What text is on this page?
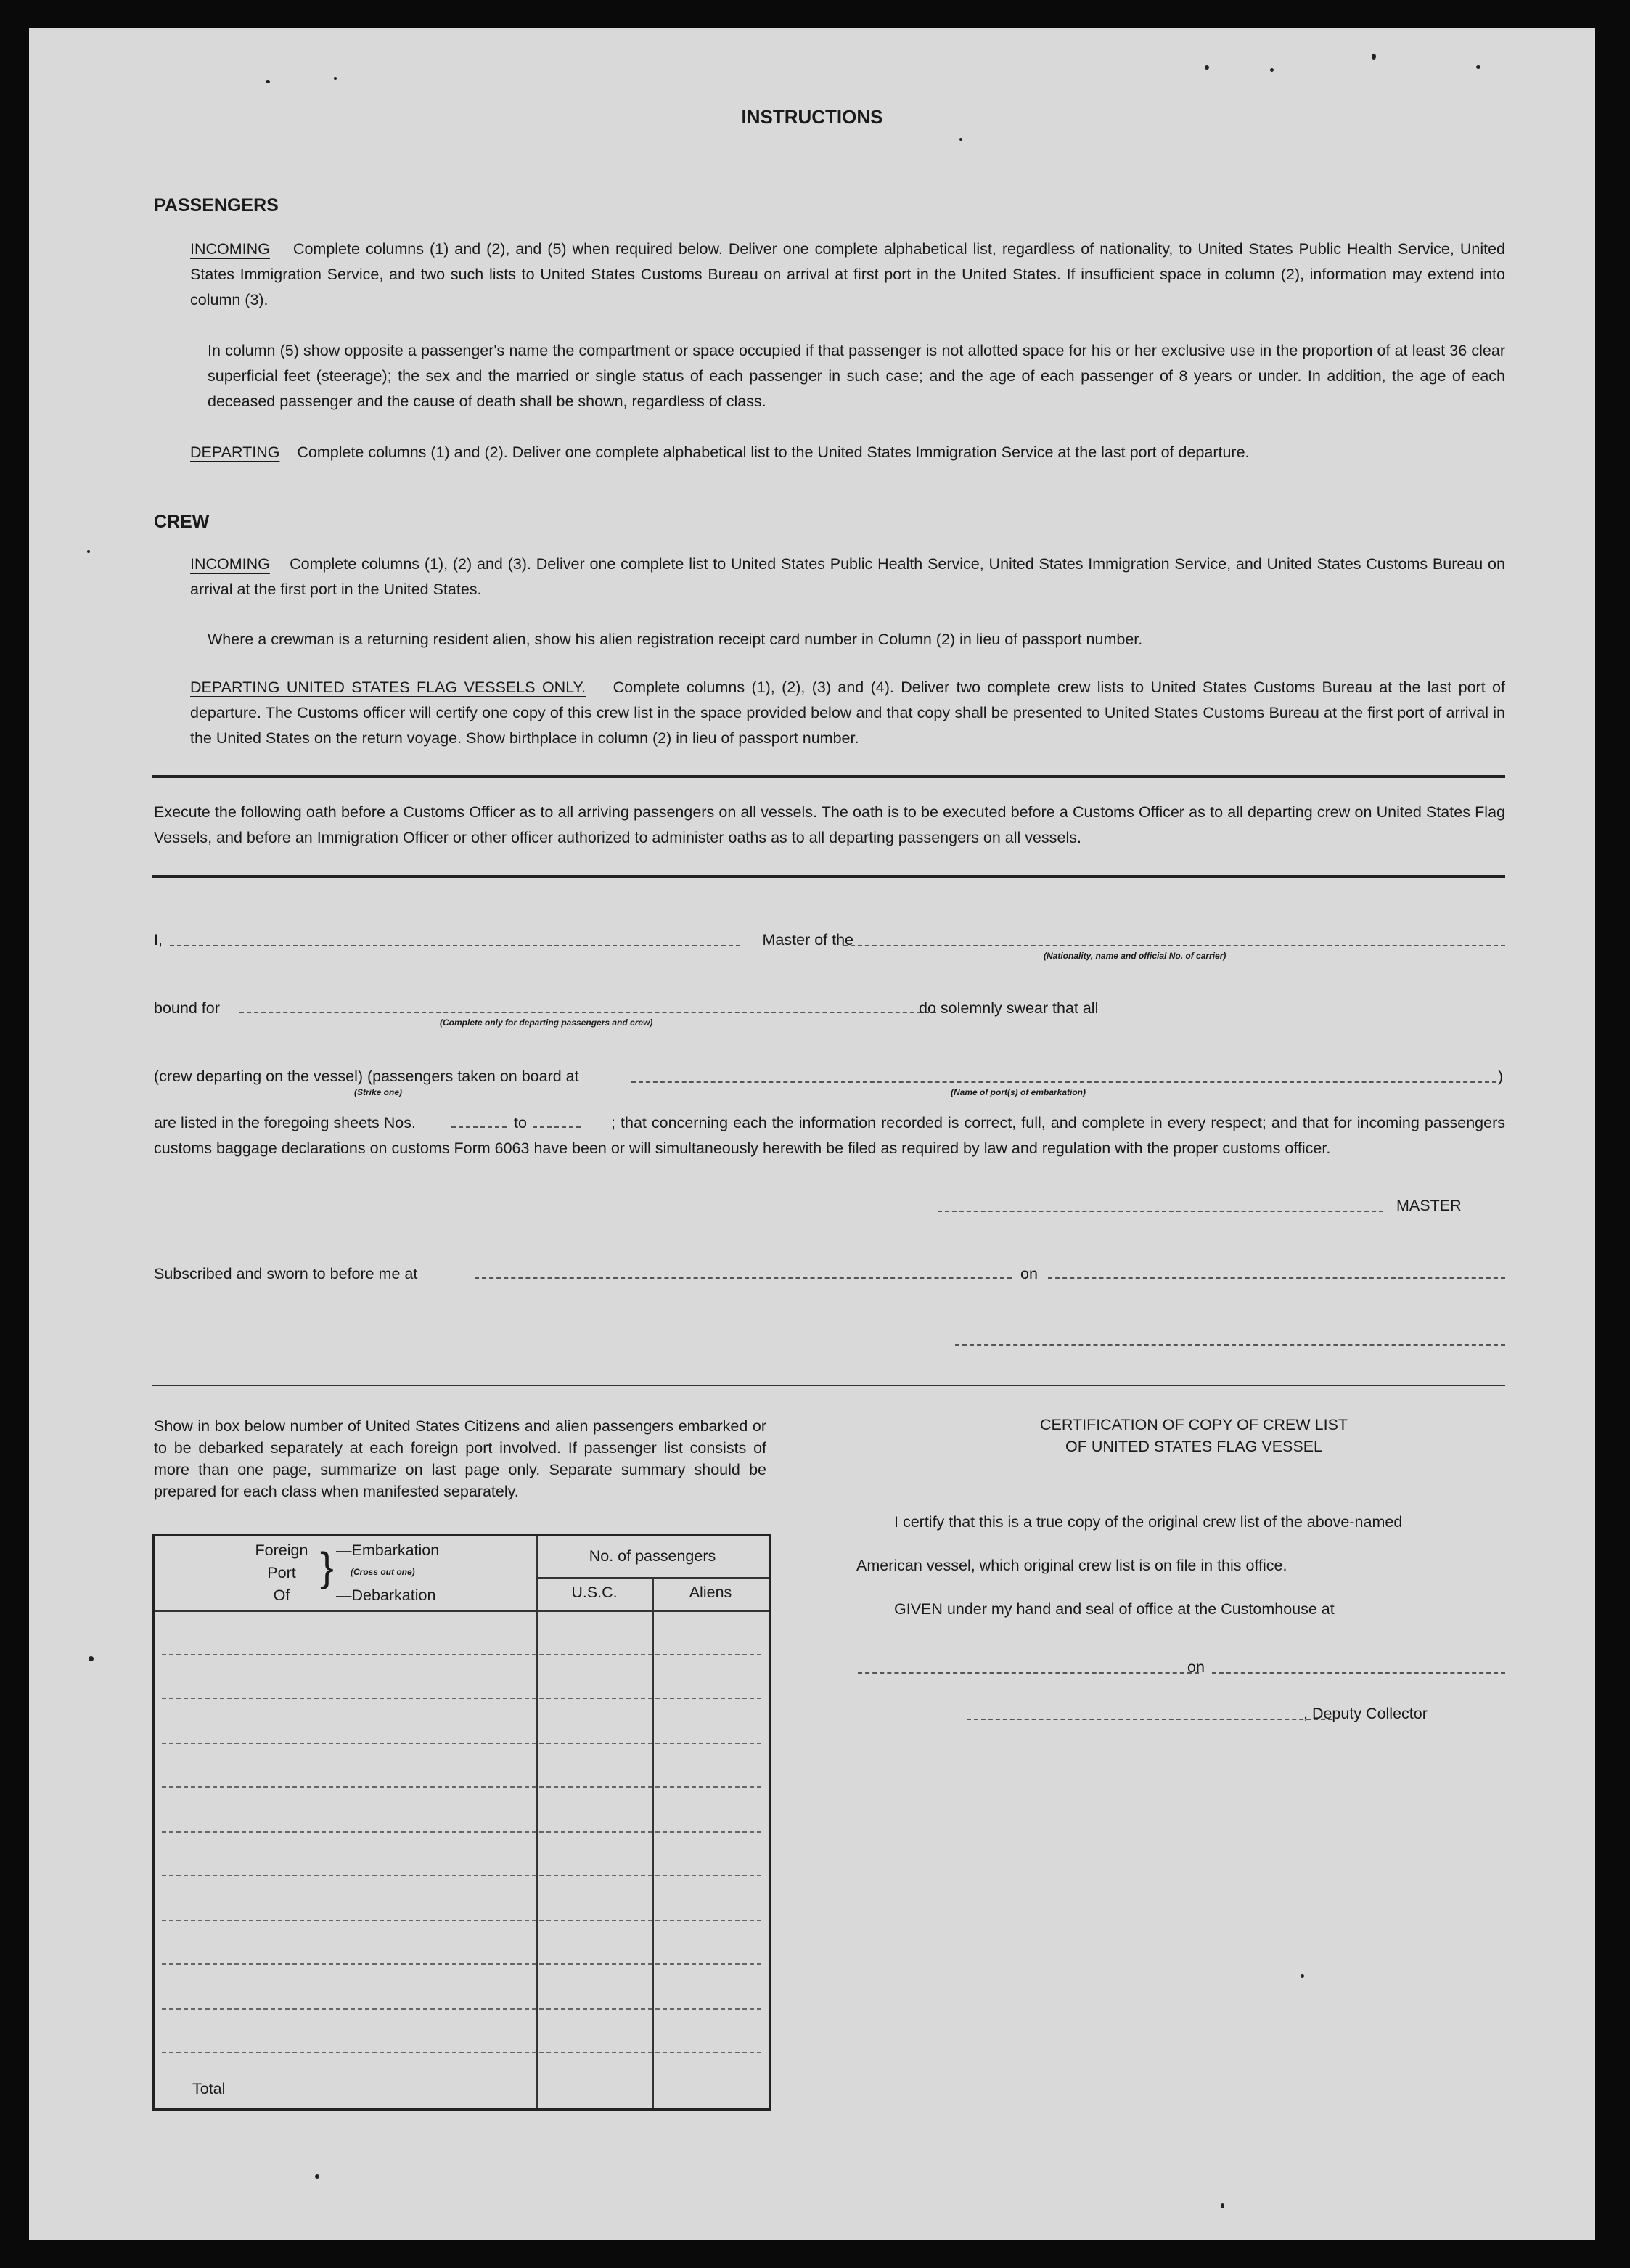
INSTRUCTIONS
PASSENGERS
INCOMING Complete columns (1) and (2), and (5) when required below. Deliver one complete alphabetical list, regardless of nationality, to United States Public Health Service, United States Immigration Service, and two such lists to United States Customs Bureau on arrival at first port in the United States. If insufficient space in column (2), information may extend into column (3).
In column (5) show opposite a passenger's name the compartment or space occupied if that passenger is not allotted space for his or her exclusive use in the proportion of at least 36 clear superficial feet (steerage); the sex and the married or single status of each passenger in such case; and the age of each passenger of 8 years or under. In addition, the age of each deceased passenger and the cause of death shall be shown, regardless of class.
DEPARTING Complete columns (1) and (2). Deliver one complete alphabetical list to the United States Immigration Service at the last port of departure.
CREW
INCOMING Complete columns (1), (2) and (3). Deliver one complete list to United States Public Health Service, United States Immigration Service, and United States Customs Bureau on arrival at the first port in the United States.
Where a crewman is a returning resident alien, show his alien registration receipt card number in Column (2) in lieu of passport number.
DEPARTING UNITED STATES FLAG VESSELS ONLY. Complete columns (1), (2), (3) and (4). Deliver two complete crew lists to United States Customs Bureau at the last port of departure. The Customs officer will certify one copy of this crew list in the space provided below and that copy shall be presented to United States Customs Bureau at the first port of arrival in the United States on the return voyage. Show birthplace in column (2) in lieu of passport number.
Execute the following oath before a Customs Officer as to all arriving passengers on all vessels. The oath is to be executed before a Customs Officer as to all departing crew on United States Flag Vessels, and before an Immigration Officer or other officer authorized to administer oaths as to all departing passengers on all vessels.
I,	Master of the
(Nationality, name and official No. of carrier)
bound for
(Complete only for departing passengers and crew)
do solemnly swear that all
(crew departing on the vessel) (passengers taken on board at	)
(Strike one)	(Name of port(s) of embarkation)
are listed in the foregoing sheets Nos.	to	; that concerning each the information recorded is correct, full, and complete in every respect; and that for incoming passengers customs baggage declarations on customs Form 6063 have been or will simultaneously herewith be filed as required by law and regulation with the proper customs officer.
MASTER
Subscribed and sworn to before me at	on
Show in box below number of United States Citizens and alien passengers embarked or to be debarked separately at each foreign port involved. If passenger list consists of more than one page, summarize on last page only. Separate summary should be prepared for each class when manifested separately.
Foreign
Port
Of
} —Embarkation
(Cross out one)
—Debarkation
No. of passengers
U.S.C.	Aliens
Total
CERTIFICATION OF COPY OF CREW LIST
OF UNITED STATES FLAG VESSEL
I certify that this is a true copy of the original crew list of the above-named
American vessel, which original crew list is on file in this office.
GIVEN under my hand and seal of office at the Customhouse at
on
, Deputy Collector
